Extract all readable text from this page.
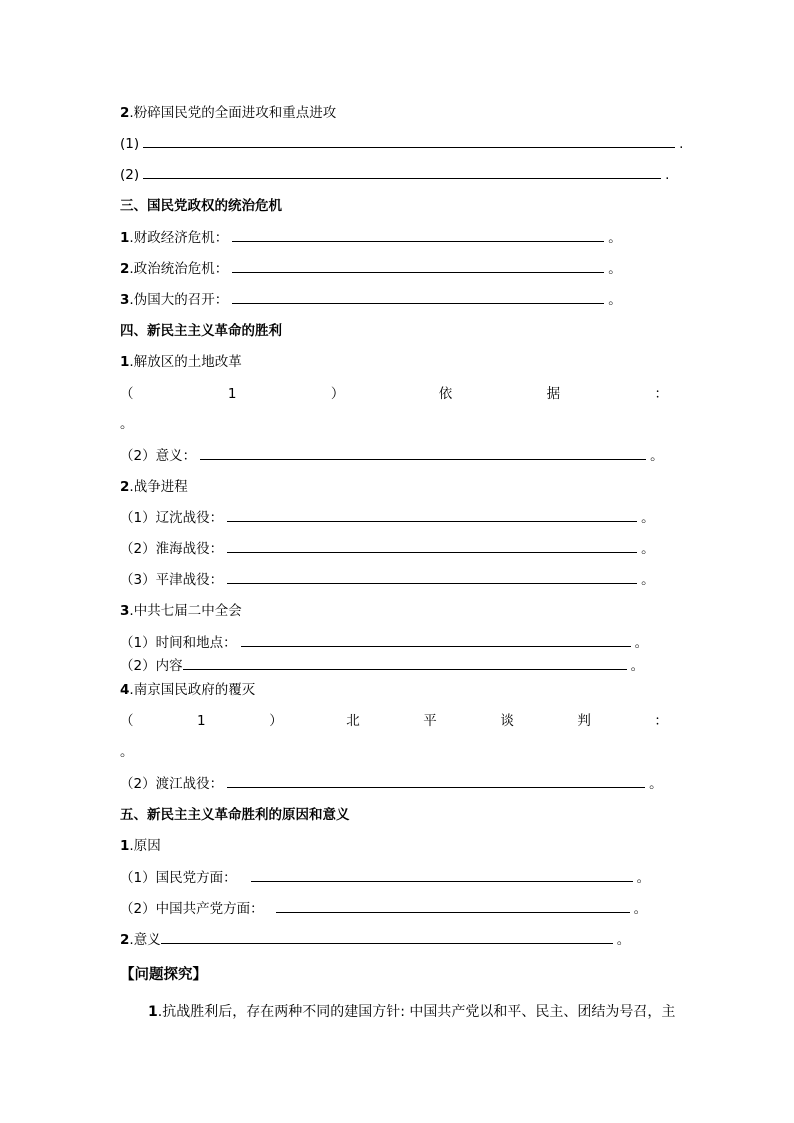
2.粉碎国民党的全面进攻和重点进攻
(1)	.
(2)	.
三、国民党政权的统治危机
1.财政经济危机：	。
2.政治统治危机：	。
3.伪国大的召开：	。
四、新民主主义革命的胜利
1.解放区的土地改革
（	1	）	依	据	：
。
（2）意义：	。
2.战争进程
（1）辽沈战役：	。
（2）淮海战役：	。
（3）平津战役：	。
3.中共七届二中全会
（1）时间和地点：	。
（2）内容	。
4.南京国民政府的覆灭
（	1	）	北	平	谈	判	：
。
（2）渡江战役：	。
五、新民主主义革命胜利的原因和意义
1.原因
（1）国民党方面：	。
（2）中国共产党方面：	。
2.意义	。
【问题探究】
1.抗战胜利后，存在两种不同的建国方针: 中国共产党以和平、民主、团结为号召，主
